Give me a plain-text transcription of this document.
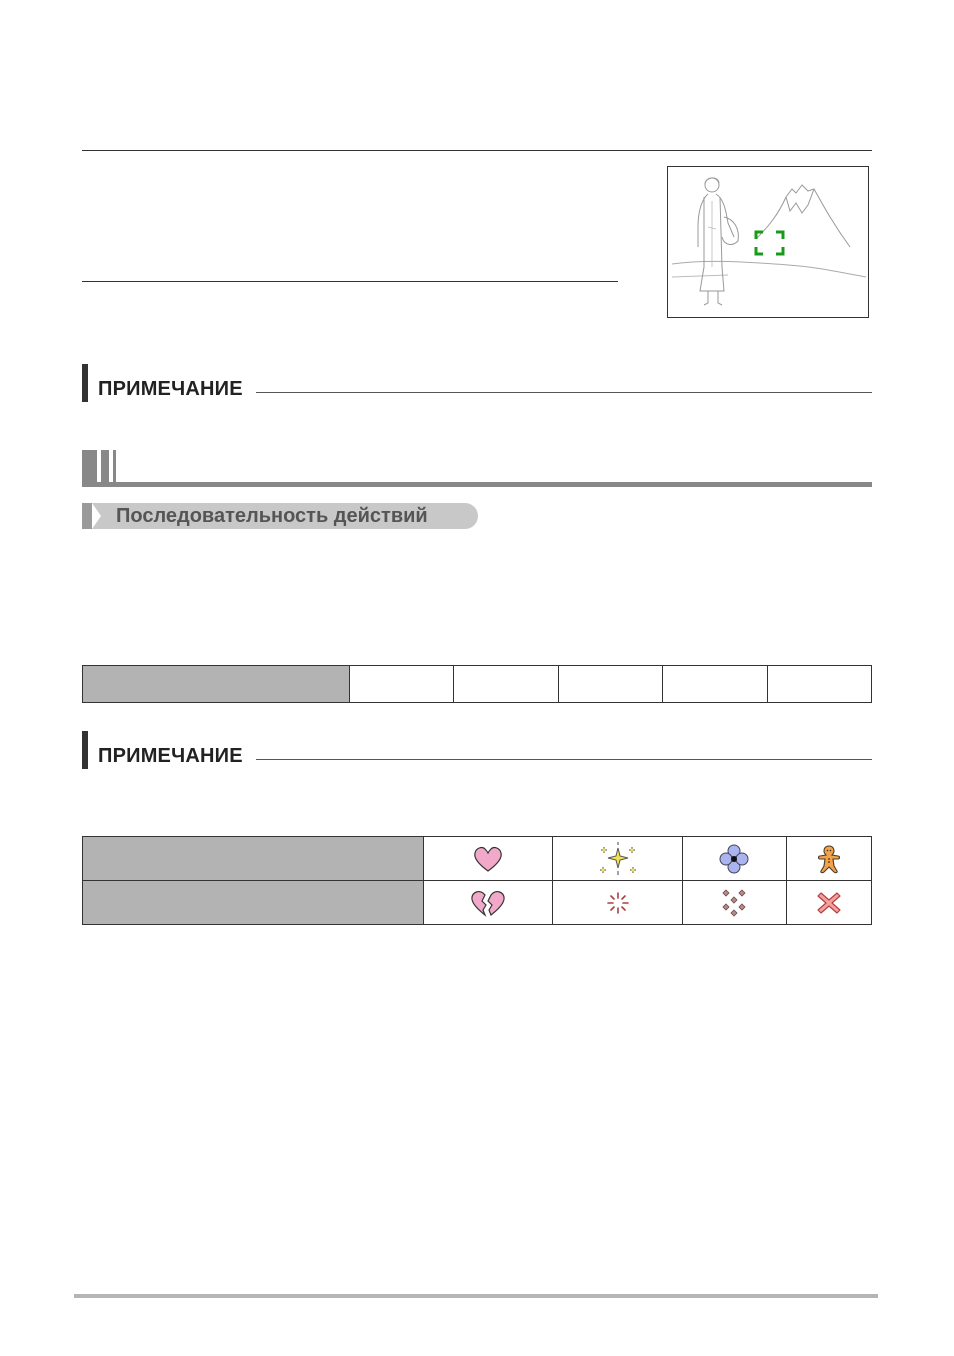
ПРИМЕЧАНИЕ
Последовательность действий

ПРИМЕЧАНИЕ
